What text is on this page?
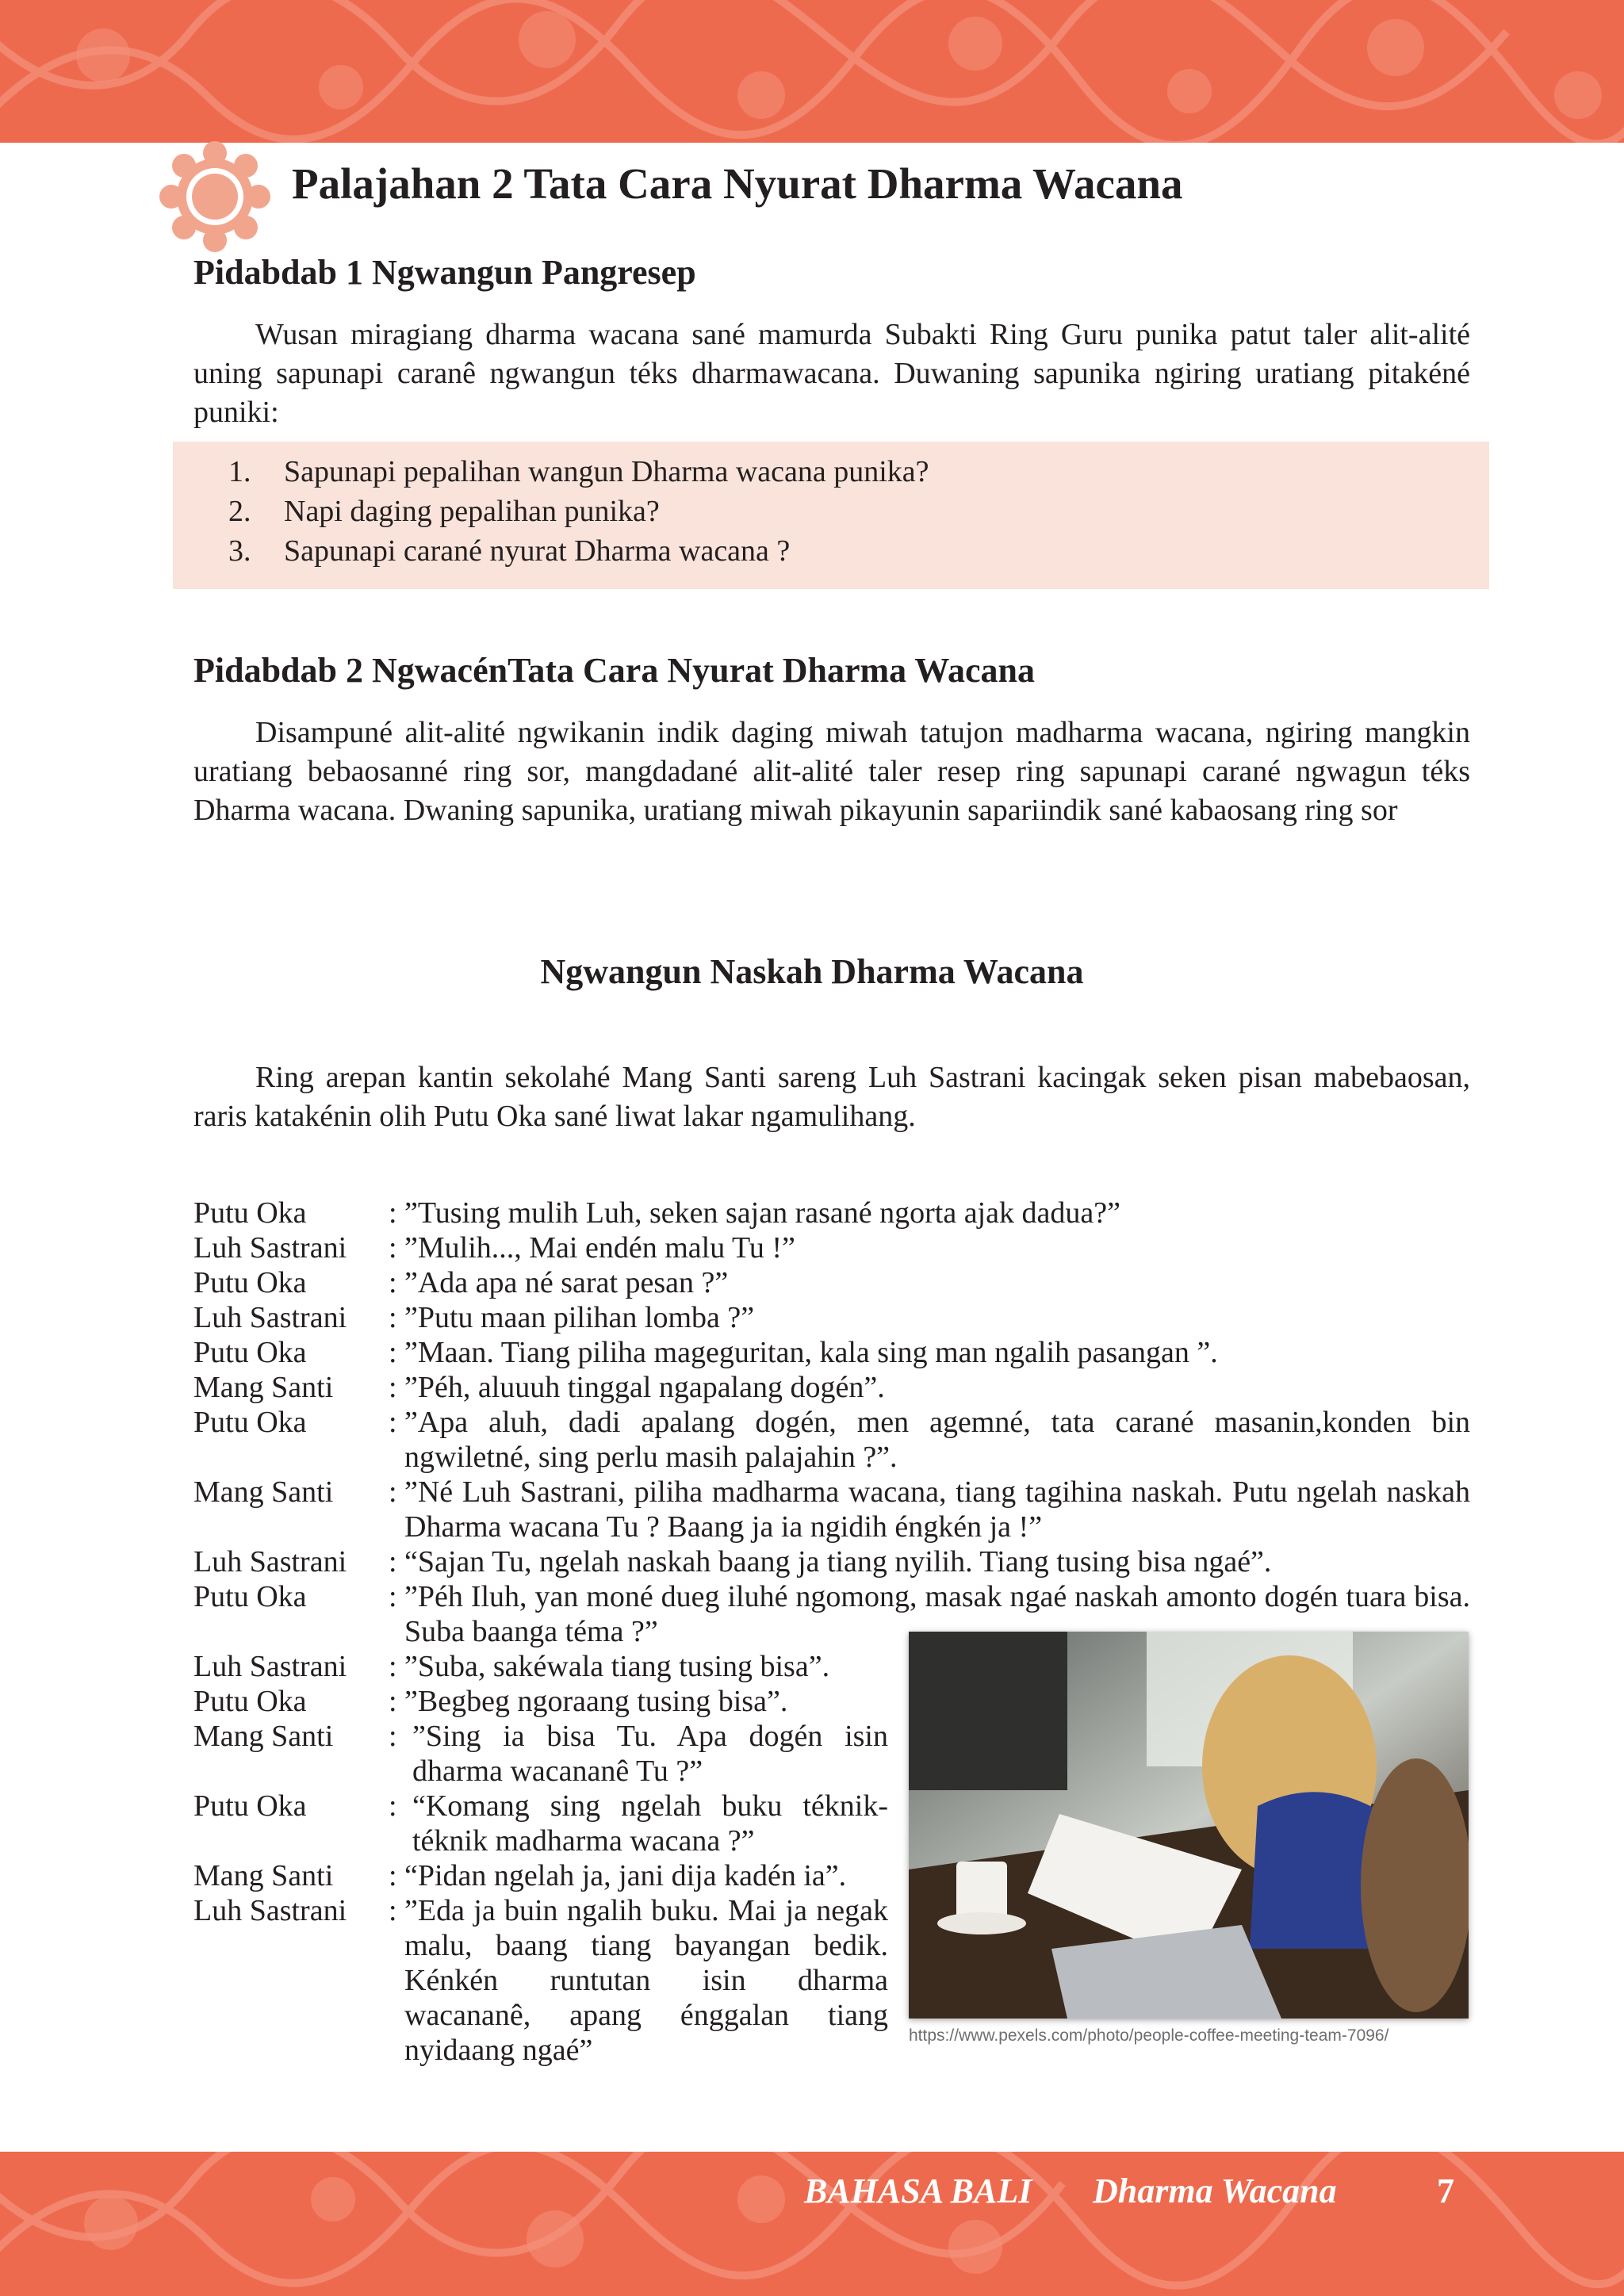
Palajahan 2 Tata Cara Nyurat Dharma Wacana
Pidabdab 1 Ngwangun Pangresep

Wusan miragiang dharma wacana sané mamurda Subakti Ring Guru punika patut taler alit-alité uning sapunapi caranê ngwangun téks dharmawacana. Duwaning sapunika ngiring uratiang pitakéné puniki:

1. Sapunapi pepalihan wangun Dharma wacana punika?
2. Napi daging pepalihan punika?
3. Sapunapi carané nyurat Dharma wacana ?
Pidabdab 2 NgwacénTata Cara Nyurat Dharma Wacana

Disampuné alit-alité ngwikanin indik daging miwah tatujon madharma wacana, ngiring mangkin uratiang bebaosanné ring sor, mangdadané alit-alité taler resep ring sapunapi carané ngwagun téks Dharma wacana. Dwaning sapunika, uratiang miwah pikayunin sapariindik sané kabaosang ring sor

Ngwangun Naskah Dharma Wacana

Ring arepan kantin sekolahé Mang Santi sareng Luh Sastrani kacingak seken pisan mabebaosan, raris katakénin olih Putu Oka sané liwat lakar ngamulihang.

Putu Oka	: ”Tusing mulih Luh, seken sajan rasané ngorta ajak dadua?”
Luh Sastrani	: ”Mulih..., Mai endén malu Tu !”
Putu Oka	: ”Ada apa né sarat pesan ?”
Luh Sastrani	: ”Putu maan pilihan lomba ?”
Putu Oka	: ”Maan. Tiang piliha mageguritan, kala sing man ngalih pasangan ”.
Mang Santi	: ”Péh, aluuuh tinggal ngapalang dogén”.
Putu Oka	: ”Apa aluh, dadi apalang dogén, men agemné, tata carané masanin,konden bin ngwiletné, sing perlu masih palajahin ?”.
Mang Santi	: ”Né Luh Sastrani, piliha madharma wacana, tiang tagihina naskah. Putu ngelah naskah Dharma wacana Tu ? Baang ja ia ngidih éngkén ja !”
Luh Sastrani	: “Sajan Tu, ngelah naskah baang ja tiang nyilih. Tiang tusing bisa ngaé”.
Putu Oka	: ”Péh Iluh, yan moné dueg iluhé ngomong, masak ngaé naskah amonto dogén tuara bisa. Suba baanga téma ?”
Luh Sastrani	: ”Suba, sakéwala tiang tusing bisa”.
Putu Oka	: ”Begbeg ngoraang tusing bisa”.
Mang Santi	: ”Sing ia bisa Tu. Apa dogén isin dharma wacananê Tu ?”
Putu Oka	: “Komang sing ngelah buku téknik-téknik madharma wacana ?”
Mang Santi	: “Pidan ngelah ja, jani dija kadén ia”.
Luh Sastrani	: ”Eda ja buin ngalih buku. Mai ja negak malu, baang tiang bayangan bedik. Kénkén runtutan isin dharma wacananê, apang énggalan tiang nyidaang ngaé”	https://www.pexels.com/photo/people-coffee-meeting-team-7096/
BAHASA BALI Dharma Wacana	7
